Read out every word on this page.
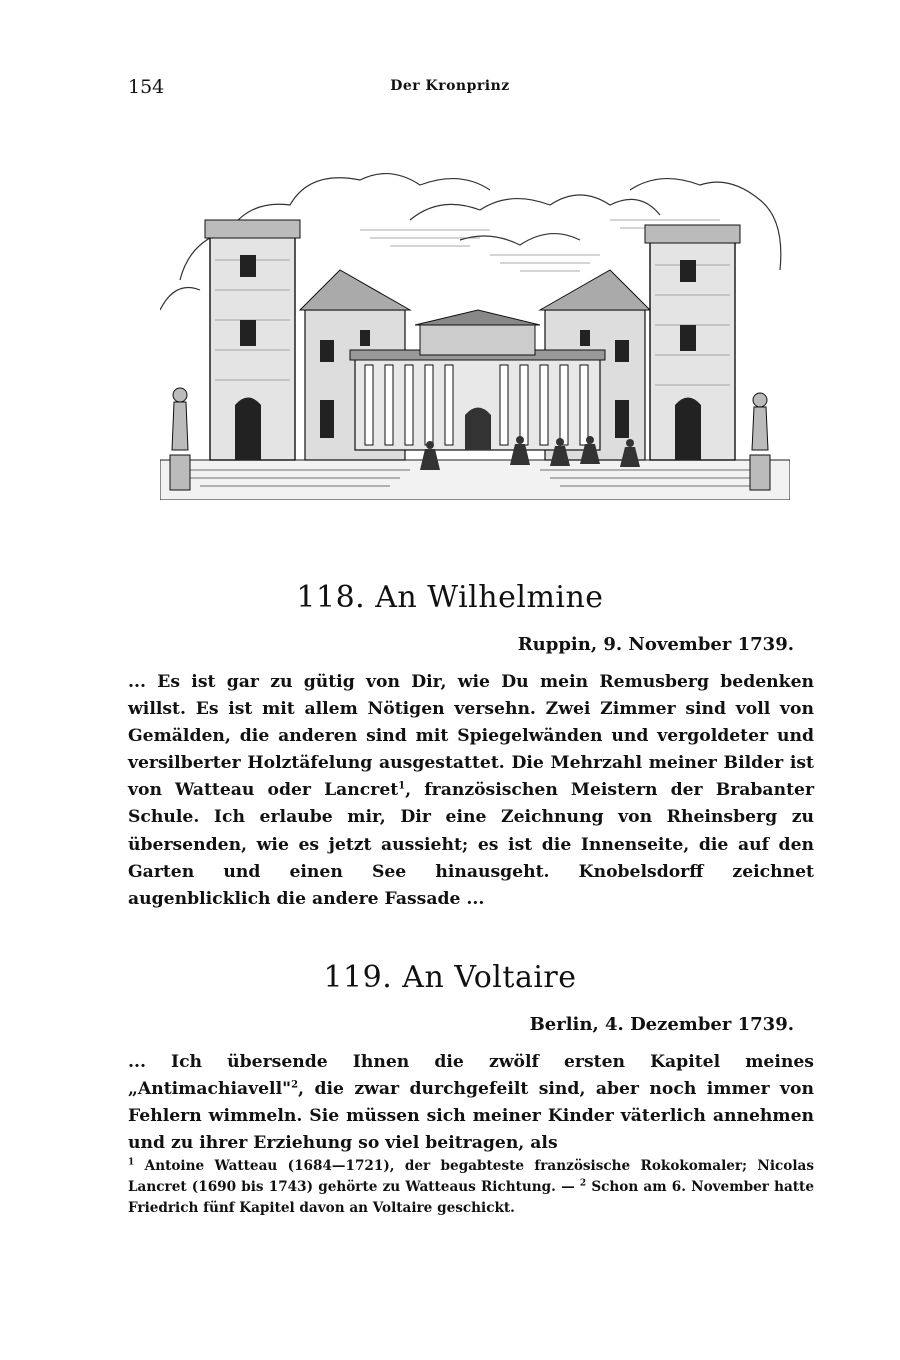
154	Der Kronprinz
118. An Wilhelmine
Ruppin, 9. November 1739.

... Es ist gar zu gütig von Dir, wie Du mein Remusberg bedenken willst. Es ist mit allem Nötigen versehn. Zwei Zimmer sind voll von Gemälden, die anderen sind mit Spiegelwänden und vergoldeter und versilberter Holztäfelung ausgestattet. Die Mehrzahl meiner Bilder ist von Watteau oder Lancret$^1$, französischen Meistern der Brabanter Schule. Ich erlaube mir, Dir eine Zeichnung von Rheinsberg zu übersenden, wie es jetzt aussieht; es ist die Innenseite, die auf den Garten und einen See hinausgeht. Knobelsdorff zeichnet augenblicklich die andere Fassade ...

119. An Voltaire
Berlin, 4. Dezember 1739.

... Ich übersende Ihnen die zwölf ersten Kapitel meines „Antimachiavell"$^2$, die zwar durchgefeilt sind, aber noch immer von Fehlern wimmeln. Sie müssen sich meiner Kinder väterlich annehmen und zu ihrer Erziehung so viel beitragen, als

$^1$ Antoine Watteau (1684—1721), der begabteste französische Rokokomaler; Nicolas Lancret (1690 bis 1743) gehörte zu Watteaus Richtung. — $^2$ Schon am 6. November hatte Friedrich fünf Kapitel davon an Voltaire geschickt.
